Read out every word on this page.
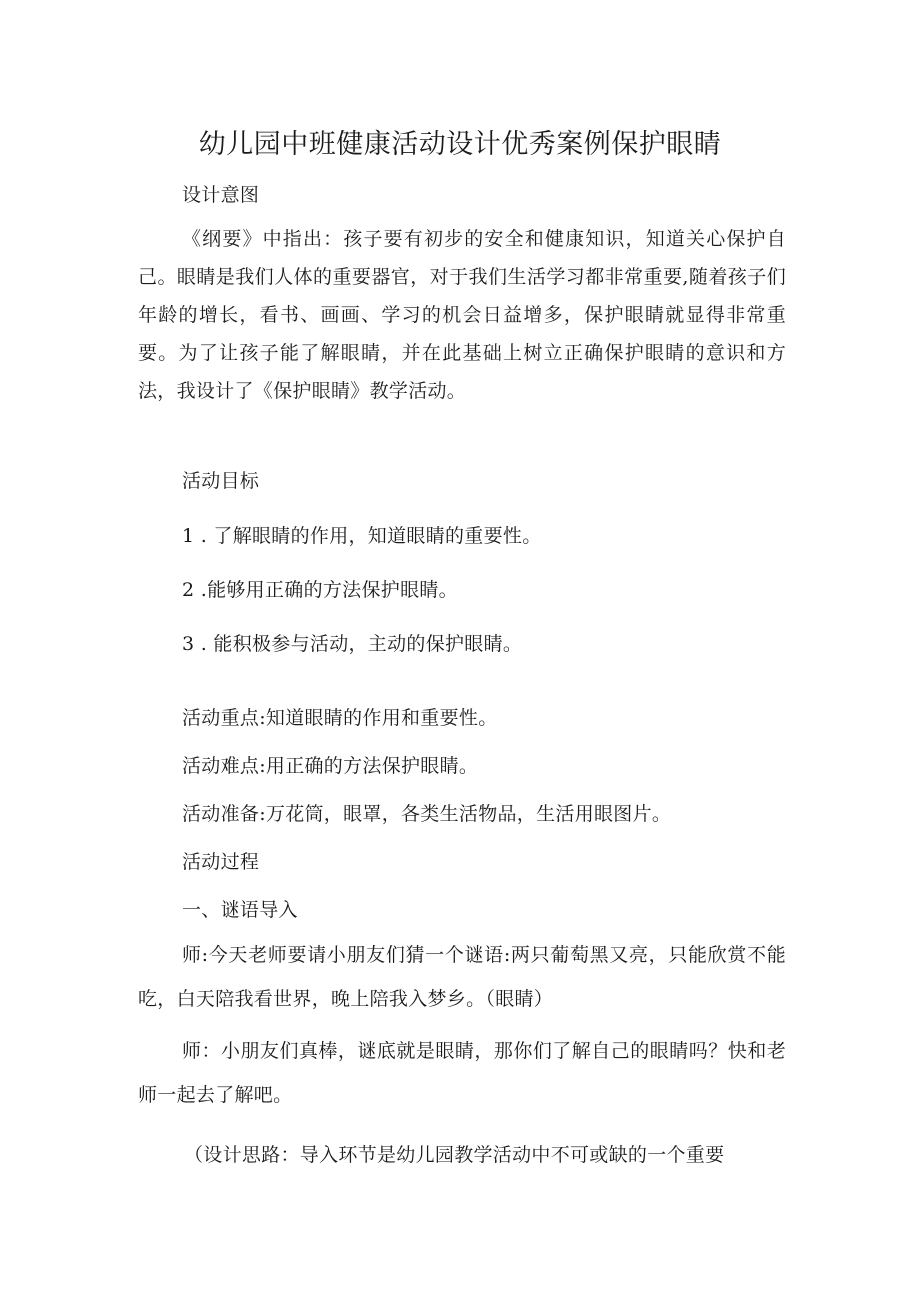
幼儿园中班健康活动设计优秀案例保护眼睛
设计意图
《纲要》中指出：孩子要有初步的安全和健康知识，知道关心保护自己。眼睛是我们人体的重要器官，对于我们生活学习都非常重要,随着孩子们年龄的增长，看书、画画、学习的机会日益增多，保护眼睛就显得非常重要。为了让孩子能了解眼睛，并在此基础上树立正确保护眼睛的意识和方法，我设计了《保护眼睛》教学活动。
活动目标
1 . 了解眼睛的作用，知道眼睛的重要性。
2 .能够用正确的方法保护眼睛。
3 . 能积极参与活动，主动的保护眼睛。
活动重点:知道眼睛的作用和重要性。
活动难点:用正确的方法保护眼睛。
活动准备:万花筒，眼罩，各类生活物品，生活用眼图片。
活动过程
一、谜语导入
师:今天老师要请小朋友们猜一个谜语:两只葡萄黑又亮，只能欣赏不能吃，白天陪我看世界，晚上陪我入梦乡。（眼睛）
师：小朋友们真棒，谜底就是眼睛，那你们了解自己的眼睛吗？快和老师一起去了解吧。
（设计思路：导入环节是幼儿园教学活动中不可或缺的一个重要
